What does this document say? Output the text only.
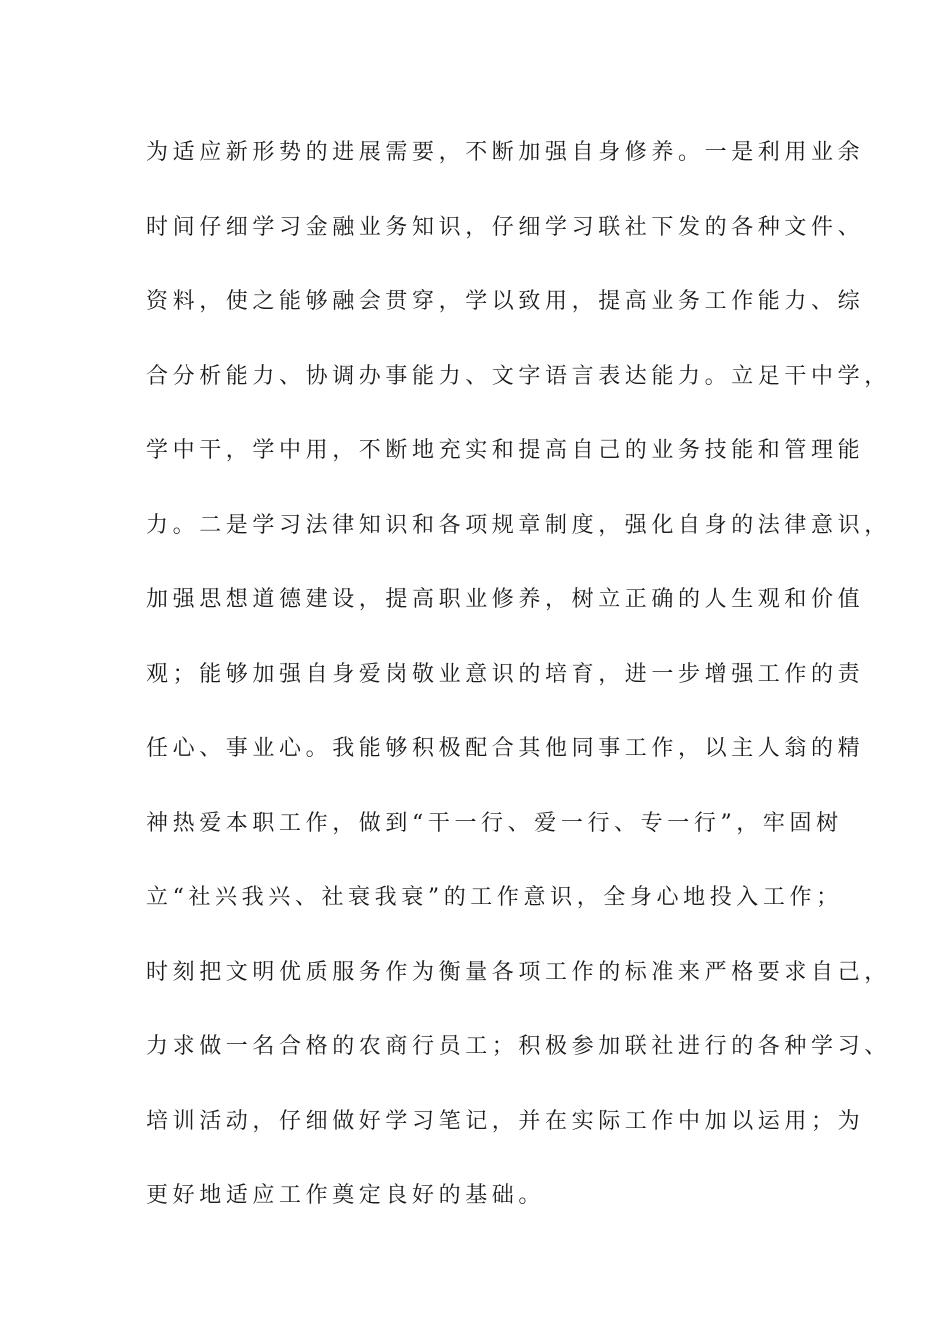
为适应新形势的进展需要，不断加强自身修养。一是利用业余
时间仔细学习金融业务知识，仔细学习联社下发的各种文件、
资料，使之能够融会贯穿，学以致用，提高业务工作能力、综
合分析能力、协调办事能力、文字语言表达能力。立足干中学，
学中干，学中用，不断地充实和提高自己的业务技能和管理能
力。二是学习法律知识和各项规章制度，强化自身的法律意识，
加强思想道德建设，提高职业修养，树立正确的人生观和价值
观；能够加强自身爱岗敬业意识的培育，进一步增强工作的责
任心、事业心。我能够积极配合其他同事工作，以主人翁的精
神热爱本职工作，做到“干一行、爱一行、专一行”，牢固树
立“社兴我兴、社衰我衰”的工作意识，全身心地投入工作；
时刻把文明优质服务作为衡量各项工作的标准来严格要求自己，
力求做一名合格的农商行员工；积极参加联社进行的各种学习、
培训活动，仔细做好学习笔记，并在实际工作中加以运用；为
更好地适应工作奠定良好的基础。
